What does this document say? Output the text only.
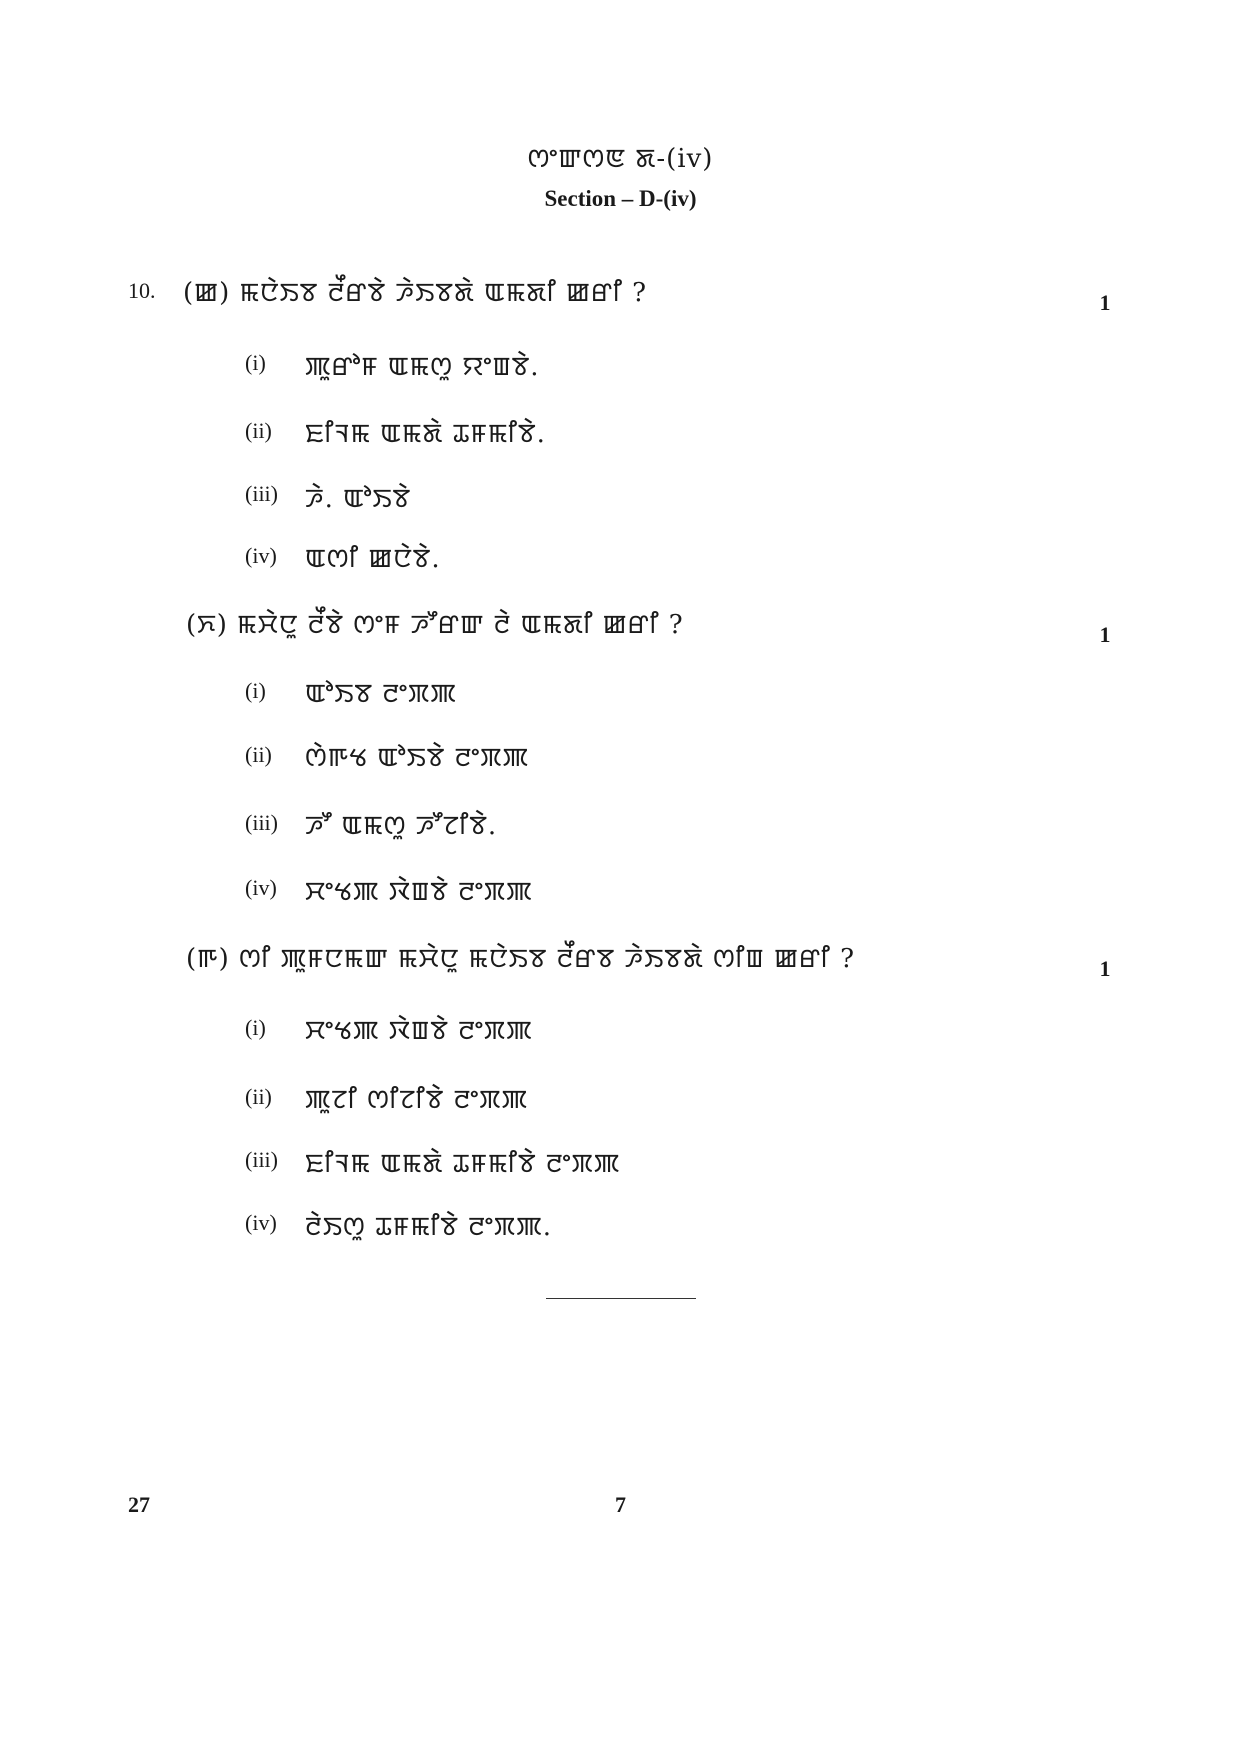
ꯁꯦꯛꯁꯟ ꯗ-(iv)
Section – D-(iv)
10. (ꯀ) ꯃꯅꯥꯏꯕ ꯂꯩꯔꯕꯥ ꯍꯥꯏꯕꯗꯥ ꯑꯃꯗꯤ ꯀꯔꯤ ?	1
(i)	ꯄꯨꯔꯣꯝ ꯑꯃꯁꯨ ꯌꯦꯡꯕꯥ.
(ii)	ꯐꯤꯜꯃ ꯑꯃꯗꯥ ꯊꯝꯃꯤꯕꯥ.
(iii)	ꯍꯥ. ꯑꯣꯏꯕꯥ
(iv)	ꯑꯁꯤ ꯀꯅꯥꯕꯥ.
(ꯈ) ꯃꯆꯥꯅꯨ ꯂꯩꯕꯥ ꯁꯦꯝ ꯍꯧꯔꯛ ꯂꯥ ꯑꯃꯗꯤ ꯀꯔꯤ ?	1
(i)	ꯑꯣꯏꯕ ꯂꯦꯞꯄ
(ii)	ꯁꯥꯒꯠ ꯑꯣꯏꯕꯥ ꯂꯦꯞꯄ
(iii)	ꯍꯧ ꯑꯃꯁꯨ ꯍꯧꯖꯤꯕꯥ.
(iv)	ꯆꯦꯠꯄ ꯋꯥꯡꯕꯥ ꯂꯦꯞꯄ
(ꯒ) ꯁꯤ ꯄꯨꯝꯅꯃꯛ ꯃꯆꯥꯅꯨ ꯃꯅꯥꯏꯕ ꯂꯩꯔꯕ ꯍꯥꯏꯕꯗꯥ ꯁꯤꯡ ꯀꯔꯤ ?	1
(i)	ꯆꯦꯠꯄ ꯋꯥꯡꯕꯥ ꯂꯦꯞꯄ
(ii)	ꯄꯨꯖꯤ ꯁꯤꯖꯤꯕꯥ ꯂꯦꯞꯄ
(iii)	ꯐꯤꯜꯃ ꯑꯃꯗꯥ ꯊꯝꯃꯤꯕꯥ ꯂꯦꯞꯄ
(iv)	ꯂꯥꯏꯁꯨ ꯊꯝꯃꯤꯕꯥ ꯂꯦꯞꯄ.
27	7
